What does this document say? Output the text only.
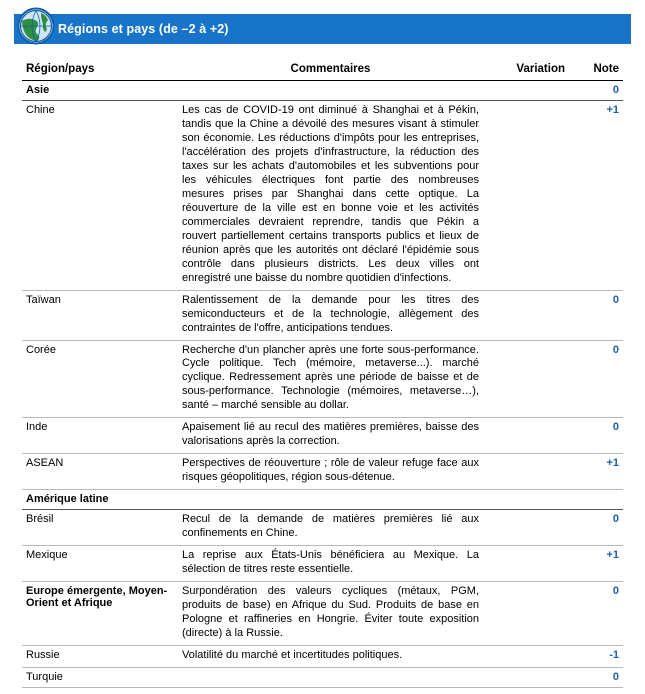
Régions et pays (de –2 à +2)
Région/pays	Commentaires	Variation	Note
Asie			0
Chine	Les cas de COVID-19 ont diminué à Shanghai et à Pékin, tandis que la Chine a dévoilé des mesures visant à stimuler son économie. Les réductions d'impôts pour les entreprises, l'accélération des projets d'infrastructure, la réduction des taxes sur les achats d'automobiles et les subventions pour les véhicules électriques font partie des nombreuses mesures prises par Shanghai dans cette optique. La réouverture de la ville est en bonne voie et les activités commerciales devraient reprendre, tandis que Pékin a rouvert partiellement certains transports publics et lieux de réunion après que les autorités ont déclaré l'épidémie sous contrôle dans plusieurs districts. Les deux villes ont enregistré une baisse du nombre quotidien d'infections.		+1
Taïwan	Ralentissement de la demande pour les titres des semiconducteurs et de la technologie, allègement des contraintes de l'offre, anticipations tendues.		0
Corée	Recherche d'un plancher après une forte sous-performance. Cycle politique. Tech (mémoire, metaverse...). marché cyclique. Redressement après une période de baisse et de sous-performance. Technologie (mémoires, metaverse…), santé – marché sensible au dollar.		0
Inde	Apaisement lié au recul des matières premières, baisse des valorisations après la correction.		0
ASEAN	Perspectives de réouverture ; rôle de valeur refuge face aux risques géopolitiques, région sous-détenue.		+1
Amérique latine			
Brésil	Recul de la demande de matières premières lié aux confinements en Chine.		0
Mexique	La reprise aux États-Unis bénéficiera au Mexique. La sélection de titres reste essentielle.		+1
Europe émergente, Moyen-Orient et Afrique	Surpondération des valeurs cycliques (métaux, PGM, produits de base) en Afrique du Sud. Produits de base en Pologne et raffineries en Hongrie. Éviter toute exposition (directe) à la Russie.		0
Russie	Volatilité du marché et incertitudes politiques.		-1
Turquie			0
